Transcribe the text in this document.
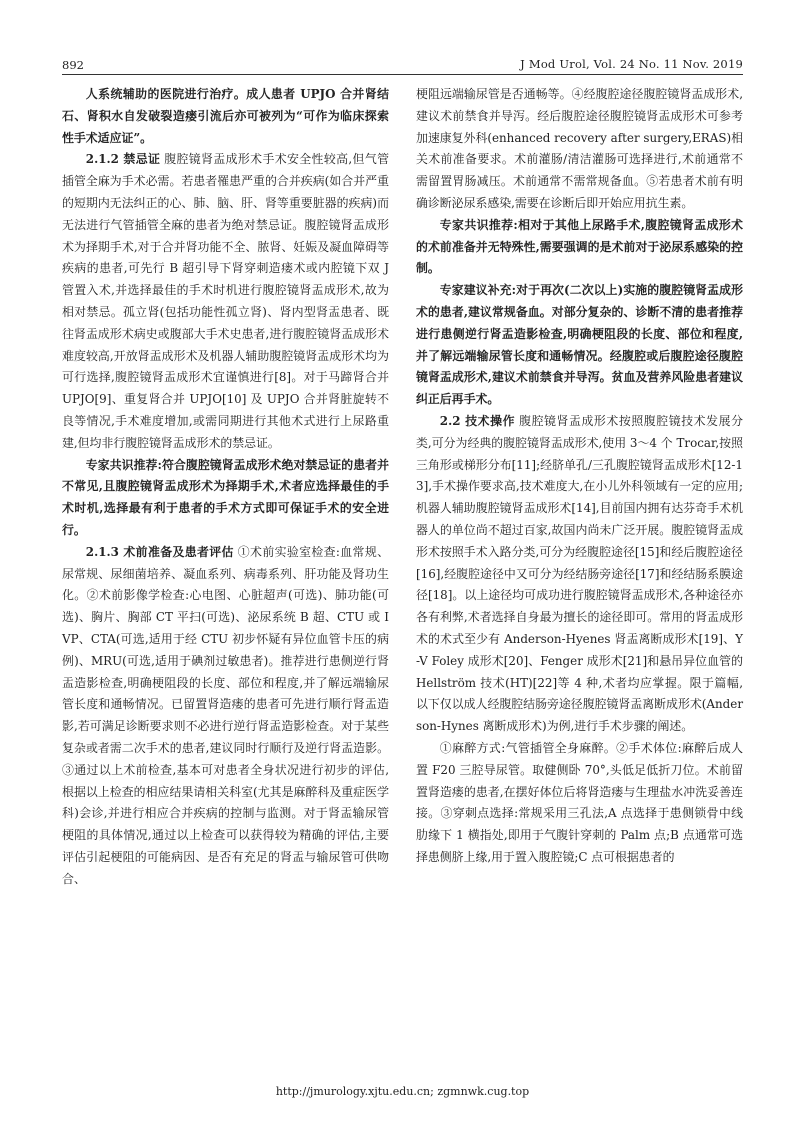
892	J Mod Urol, Vol. 24 No. 11 Nov. 2019

人系统辅助的医院进行治疗。成人患者 UPJO 合并肾结石、肾积水自发破裂造瘘引流后亦可被列为“可作为临床探索性手术适应证”。

2.1.2 禁忌证 腹腔镜肾盂成形术手术安全性较高,但气管插管全麻为手术必需。若患者罹患严重的合并疾病(如合并严重的短期内无法纠正的心、肺、脑、肝、肾等重要脏器的疾病)而无法进行气管插管全麻的患者为绝对禁忌证。腹腔镜肾盂成形术为择期手术,对于合并肾功能不全、脓肾、妊娠及凝血障碍等疾病的患者,可先行 B 超引导下肾穿刺造瘘术或内腔镜下双 J 管置入术,并选择最佳的手术时机进行腹腔镜肾盂成形术,故为相对禁忌。孤立肾(包括功能性孤立肾)、肾内型肾盂患者、既往肾盂成形术病史或腹部大手术史患者,进行腹腔镜肾盂成形术难度较高,开放肾盂成形术及机器人辅助腹腔镜肾盂成形术均为可行选择,腹腔镜肾盂成形术宜谨慎进行[8]。对于马蹄肾合并 UPJO[9]、重复肾合并 UPJO[10] 及 UPJO 合并肾脏旋转不良等情况,手术难度增加,或需同期进行其他术式进行上尿路重建,但均非行腹腔镜肾盂成形术的禁忌证。

专家共识推荐:符合腹腔镜肾盂成形术绝对禁忌证的患者并不常见,且腹腔镜肾盂成形术为择期手术,术者应选择最佳的手术时机,选择最有利于患者的手术方式即可保证手术的安全进行。

2.1.3 术前准备及患者评估 ①术前实验室检查:血常规、尿常规、尿细菌培养、凝血系列、病毒系列、肝功能及肾功生化。②术前影像学检查:心电图、心脏超声(可选)、肺功能(可选)、胸片、胸部 CT 平扫(可选)、泌尿系统 B 超、CTU 或 IVP、CTA(可选,适用于经 CTU 初步怀疑有异位血管卡压的病例)、MRU(可选,适用于碘剂过敏患者)。推荐进行患侧逆行肾盂造影检查,明确梗阻段的长度、部位和程度,并了解远端输尿管长度和通畅情况。已留置肾造瘘的患者可先进行顺行肾盂造影,若可满足诊断要求则不必进行逆行肾盂造影检查。对于某些复杂或者需二次手术的患者,建议同时行顺行及逆行肾盂造影。③通过以上术前检查,基本可对患者全身状况进行初步的评估,根据以上检查的相应结果请相关科室(尤其是麻醉科及重症医学科)会诊,并进行相应合并疾病的控制与监测。对于肾盂输尿管梗阻的具体情况,通过以上检查可以获得较为精确的评估,主要评估引起梗阻的可能病因、是否有充足的肾盂与输尿管可供吻合、

梗阻远端输尿管是否通畅等。④经腹腔途径腹腔镜肾盂成形术,建议术前禁食并导泻。经后腹腔途径腹腔镜肾盂成形术可参考加速康复外科(enhanced recovery after surgery,ERAS)相关术前准备要求。术前灌肠/清洁灌肠可选择进行,术前通常不需留置胃肠减压。术前通常不需常规备血。⑤若患者术前有明确诊断泌尿系感染,需要在诊断后即开始应用抗生素。

专家共识推荐:相对于其他上尿路手术,腹腔镜肾盂成形术的术前准备并无特殊性,需要强调的是术前对于泌尿系感染的控制。

专家建议补充:对于再次(二次以上)实施的腹腔镜肾盂成形术的患者,建议常规备血。对部分复杂的、诊断不清的患者推荐进行患侧逆行肾盂造影检查,明确梗阻段的长度、部位和程度,并了解远端输尿管长度和通畅情况。经腹腔或后腹腔途径腹腔镜肾盂成形术,建议术前禁食并导泻。贫血及营养风险患者建议纠正后再手术。

2.2 技术操作 腹腔镜肾盂成形术按照腹腔镜技术发展分类,可分为经典的腹腔镜肾盂成形术,使用 3～4 个 Trocar,按照三角形或梯形分布[11];经脐单孔/三孔腹腔镜肾盂成形术[12-13],手术操作要求高,技术难度大,在小儿外科领域有一定的应用;机器人辅助腹腔镜肾盂成形术[14],目前国内拥有达芬奇手术机器人的单位尚不超过百家,故国内尚未广泛开展。腹腔镜肾盂成形术按照手术入路分类,可分为经腹腔途径[15]和经后腹腔途径[16],经腹腔途径中又可分为经结肠旁途径[17]和经结肠系膜途径[18]。以上途径均可成功进行腹腔镜肾盂成形术,各种途径亦各有利弊,术者选择自身最为擅长的途径即可。常用的肾盂成形术的术式至少有 Anderson-Hyenes 肾盂离断成形术[19]、Y-V Foley 成形术[20]、Fenger 成形术[21]和悬吊异位血管的 Hellström 技术(HT)[22]等 4 种,术者均应掌握。限于篇幅,以下仅以成人经腹腔结肠旁途径腹腔镜肾盂离断成形术(Anderson-Hynes 离断成形术)为例,进行手术步骤的阐述。

①麻醉方式:气管插管全身麻醉。②手术体位:麻醉后成人置 F20 三腔导尿管。取健侧卧 70°,头低足低折刀位。术前留置肾造瘘的患者,在摆好体位后将肾造瘘与生理盐水冲洗妥善连接。③穿刺点选择:常规采用三孔法,A 点选择于患侧锁骨中线肋缘下 1 横指处,即用于气腹针穿刺的 Palm 点;B 点通常可选择患侧脐上缘,用于置入腹腔镜;C 点可根据患者的

http://jmurology.xjtu.edu.cn; zgmnwk.cug.top
